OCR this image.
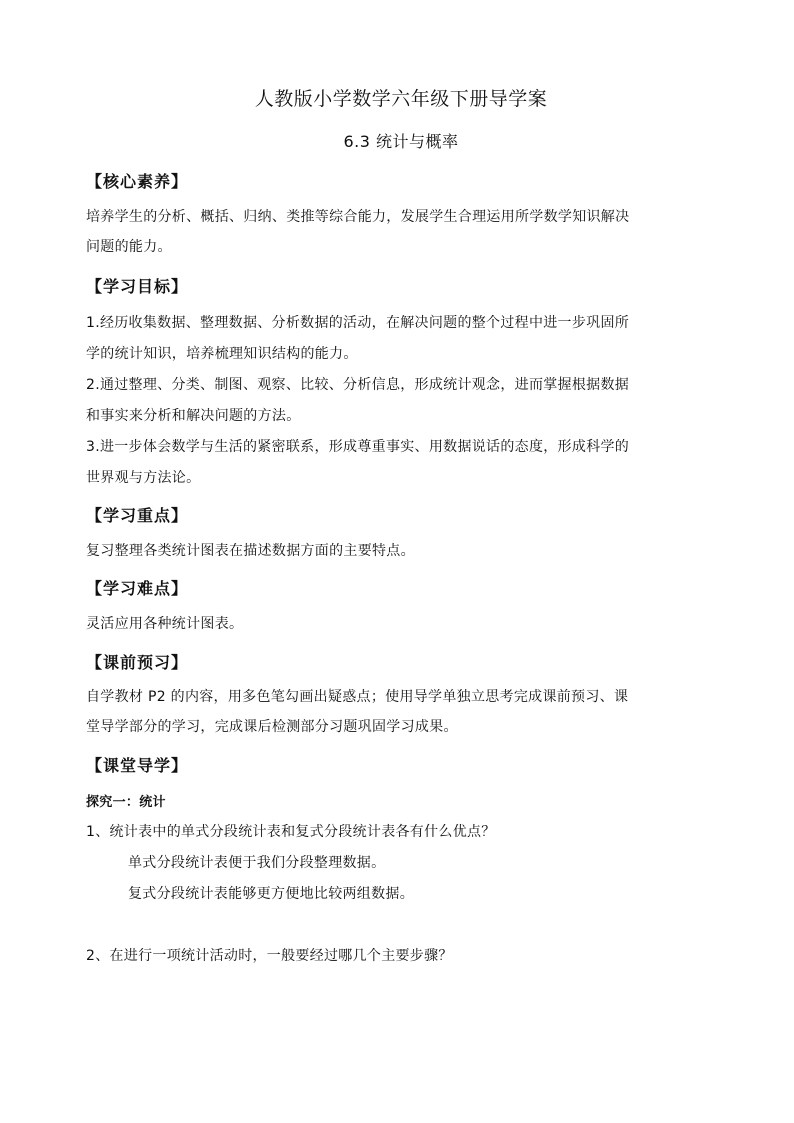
人教版小学数学六年级下册导学案
6.3 统计与概率
【核心素养】
培养学生的分析、概括、归纳、类推等综合能力，发展学生合理运用所学数学知识解决
问题的能力。
【学习目标】
1.经历收集数据、整理数据、分析数据的活动，在解决问题的整个过程中进一步巩固所
学的统计知识，培养梳理知识结构的能力。
2.通过整理、分类、制图、观察、比较、分析信息，形成统计观念，进而掌握根据数据
和事实来分析和解决问题的方法。
3.进一步体会数学与生活的紧密联系，形成尊重事实、用数据说话的态度，形成科学的
世界观与方法论。
【学习重点】
复习整理各类统计图表在描述数据方面的主要特点。
【学习难点】
灵活应用各种统计图表。
【课前预习】
自学教材 P2 的内容，用多色笔勾画出疑惑点；使用导学单独立思考完成课前预习、课
堂导学部分的学习，完成课后检测部分习题巩固学习成果。
【课堂导学】
探究一：统计
1、统计表中的单式分段统计表和复式分段统计表各有什么优点？
单式分段统计表便于我们分段整理数据。
复式分段统计表能够更方便地比较两组数据。
2、在进行一项统计活动时，一般要经过哪几个主要步骤？
